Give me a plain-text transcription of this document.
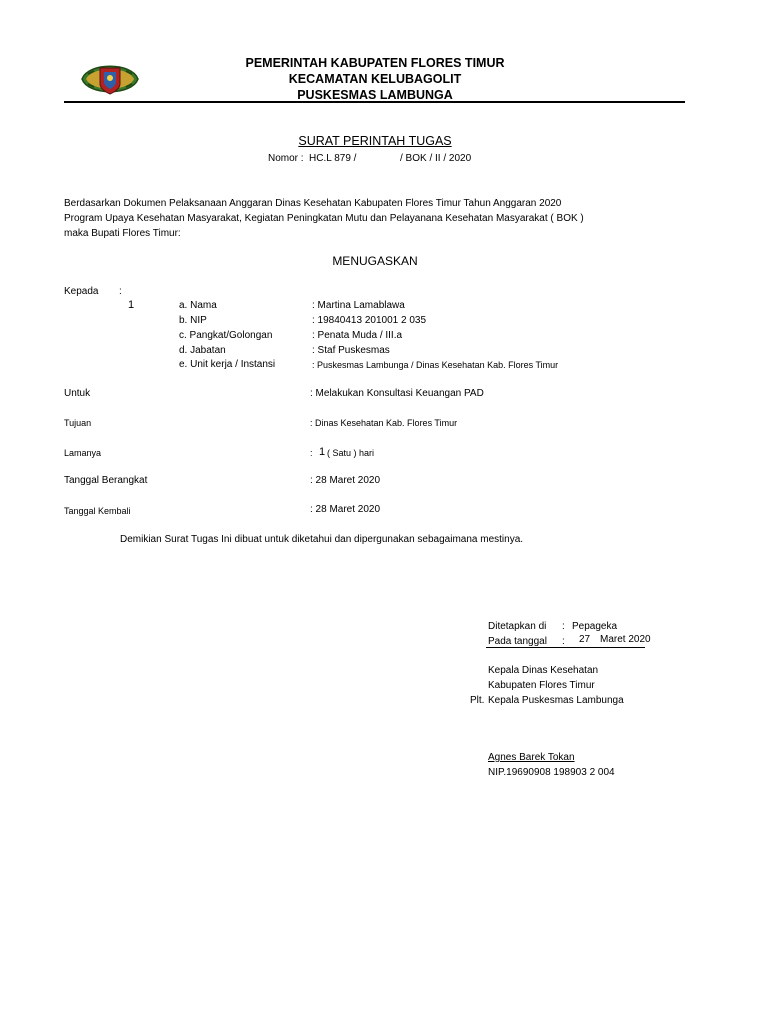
PEMERINTAH KABUPATEN FLORES TIMUR
KECAMATAN KELUBAGOLIT
PUSKESMAS LAMBUNGA
SURAT PERINTAH TUGAS
Nomor : HC.L 879 /	/ BOK / II / 2020
Berdasarkan Dokumen Pelaksanaan Anggaran Dinas Kesehatan Kabupaten Flores Timur Tahun Anggaran 2020
Program Upaya Kesehatan Masyarakat, Kegiatan Peningkatan Mutu dan Pelayanana Kesehatan Masyarakat ( BOK )
maka Bupati Flores Timur:
MENUGASKAN
Kepada :
1	a. Nama	: Martina Lamablawa
b. NIP	: 19840413 201001 2 035
c. Pangkat/Golongan	: Penata Muda / III.a
d. Jabatan	: Staf Puskesmas
e. Unit kerja / Instansi	: Puskesmas Lambunga / Dinas Kesehatan Kab. Flores Timur
Untuk	: Melakukan Konsultasi Keuangan PAD
Tujuan	: Dinas Kesehatan Kab. Flores Timur
Lamanya	: 1 ( Satu ) hari
Tanggal Berangkat	: 28 Maret 2020
Tanggal Kembali	: 28 Maret 2020
Demikian Surat Tugas Ini dibuat untuk diketahui dan dipergunakan sebagaimana mestinya.
Ditetapkan di : Pepageka
Pada tanggal : 27 Maret 2020
Kepala Dinas Kesehatan
Kabupaten Flores Timur
Plt. Kepala Puskesmas Lambunga
Agnes Barek Tokan
NIP.19690908 198903 2 004
